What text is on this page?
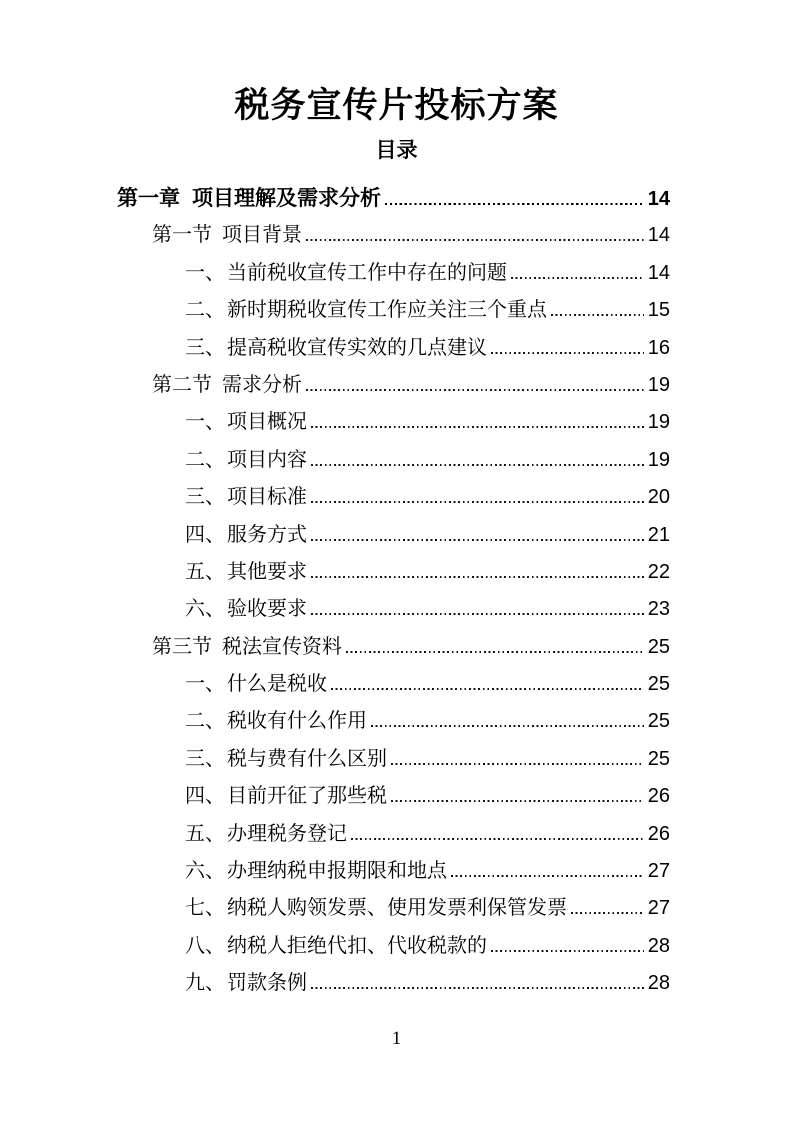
税务宣传片投标方案
目录
第一章 项目理解及需求分析	14
第一节 项目背景	14
一、 当前税收宣传工作中存在的问题	14
二、 新时期税收宣传工作应关注三个重点	15
三、 提高税收宣传实效的几点建议	16
第二节 需求分析	19
一、 项目概况	19
二、 项目内容	19
三、 项目标准	20
四、 服务方式	21
五、 其他要求	22
六、 验收要求	23
第三节 税法宣传资料	25
一、 什么是税收	25
二、 税收有什么作用	25
三、 税与费有什么区别	25
四、 目前开征了那些税	26
五、 办理税务登记	26
六、 办理纳税申报期限和地点	27
七、 纳税人购领发票、使用发票利保管发票	27
八、 纳税人拒绝代扣、代收税款的	28
九、 罚款条例	28
1
